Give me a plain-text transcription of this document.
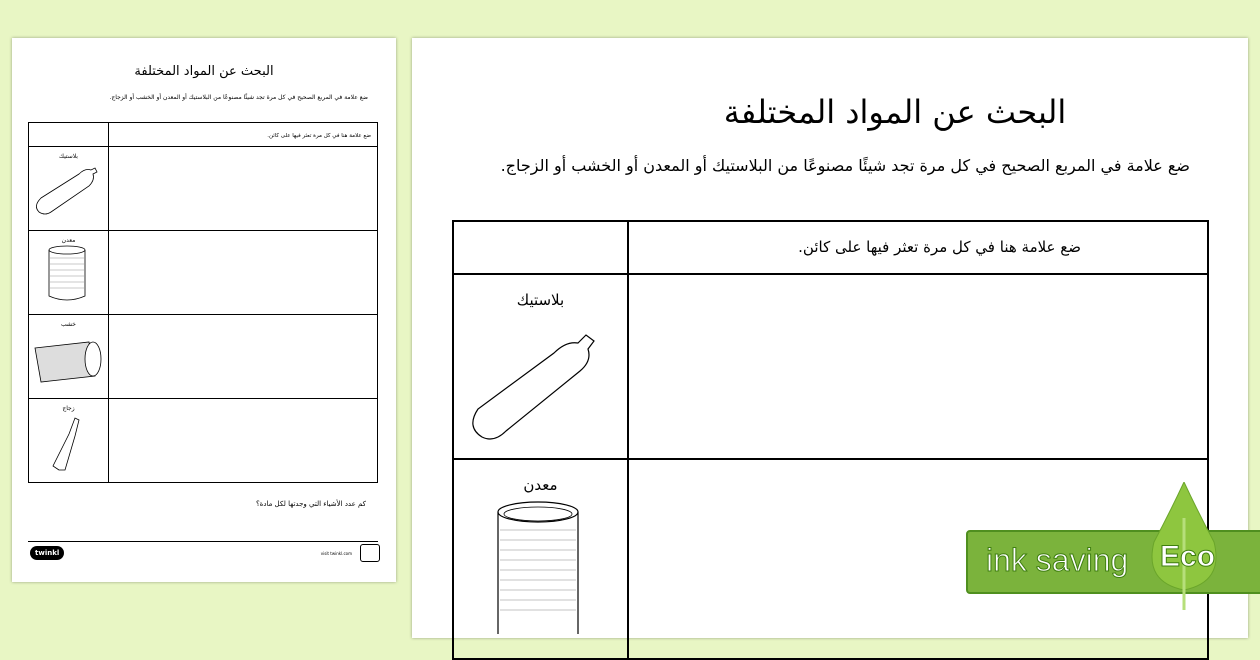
البحث عن المواد المختلفة
ضع علامة في المربع الصحيح في كل مرة تجد شيئًا مصنوعًا من البلاستيك أو المعدن أو الخشب أو الزجاج.
	ضع علامة هنا في كل مرة تعثر فيها على كائن.

بلاستيك	

معدن	

خشب	

زجاج	

كم عدد الأشياء التي وجدتها لكل مادة؟
twinkl	visit twinkl.com
البحث عن المواد المختلفة
ضع علامة في المربع الصحيح في كل مرة تجد شيئًا مصنوعًا من البلاستيك أو المعدن أو الخشب أو الزجاج.
	ضع علامة هنا في كل مرة تعثر فيها على كائن.

بلاستيك	

معدن	

ink saving Eco
